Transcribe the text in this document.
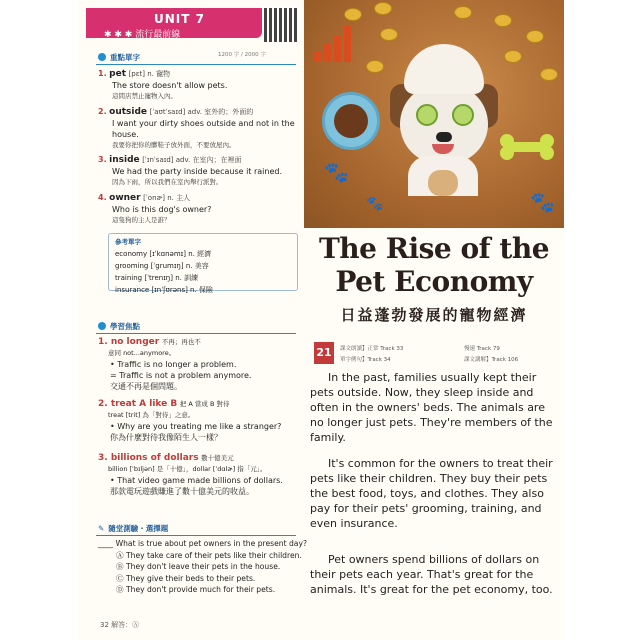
UNIT 7
✱ ✱ ✱ 流行最前線
重點單字	1200 字 / 2000 字
1. pet [pɛt] n. 寵物
The store doesn't allow pets.
這間店禁止寵物入內。
2. outside [ˈaʊtˈsaɪd] adv. 室外的；外面的
I want your dirty shoes outside and not in the house.
我要你把你的髒鞋子放外面，不要放屋內。
3. inside [ˈɪnˈsaɪd] adv. 在室內；在裡面
We had the party inside because it rained.
因為下雨，所以我們在室內舉行派對。
4. owner [ˈonɚ] n. 主人
Who is this dog's owner?
這隻狗的主人是誰？
參考單字
economy [ɪˈkɑnəmɪ] n. 經濟
grooming [ˈgrumɪŋ] n. 美容
training [ˈtrenɪŋ] n. 訓練
insurance [ɪnˈʃʊrəns] n. 保險
學習焦點
1. no longer 不再；再也不
意同 not...anymore。
• Traffic is no longer a problem.
= Traffic is not a problem anymore.
交通不再是個問題。
2. treat A like B 把 A 當成 B 對待
treat [trit] 為「對待」之意。
• Why are you treating me like a stranger?
你為什麼對待我像陌生人一樣？
3. billions of dollars 數十億美元
billion [ˈbɪljən] 是「十億」，dollar [ˈdɑlɚ] 指「元」。
• That video game made billions of dollars.
那款電玩遊戲賺進了數十億美元的收益。
✎ 隨堂測驗・選擇題
____ What is true about pet owners in the present day?
Ⓐ They take care of their pets like their children.
Ⓑ They don't leave their pets in the house.
Ⓒ They give their beds to their pets.
Ⓓ They don't provide much for their pets.
32 解答：Ⓐ
🐾
🐾	🐾
The Rise of the
Pet Economy
日益蓬勃發展的寵物經濟
21	課文朗讀】正常 Track 33	慢速 Track 79
單字例句】Track 34	課文講解】Track 106

In the past, families usually kept their pets outside. Now, they sleep inside and often in the owners' beds. The animals are no longer just pets. They're members of the family.

It's common for the owners to treat their pets like their children. They buy their pets the best food, toys, and clothes. They also pay for their pets' grooming, training, and even insurance.

Pet owners spend billions of dollars on their pets each year. That's great for the animals. It's great for the pet economy, too.
